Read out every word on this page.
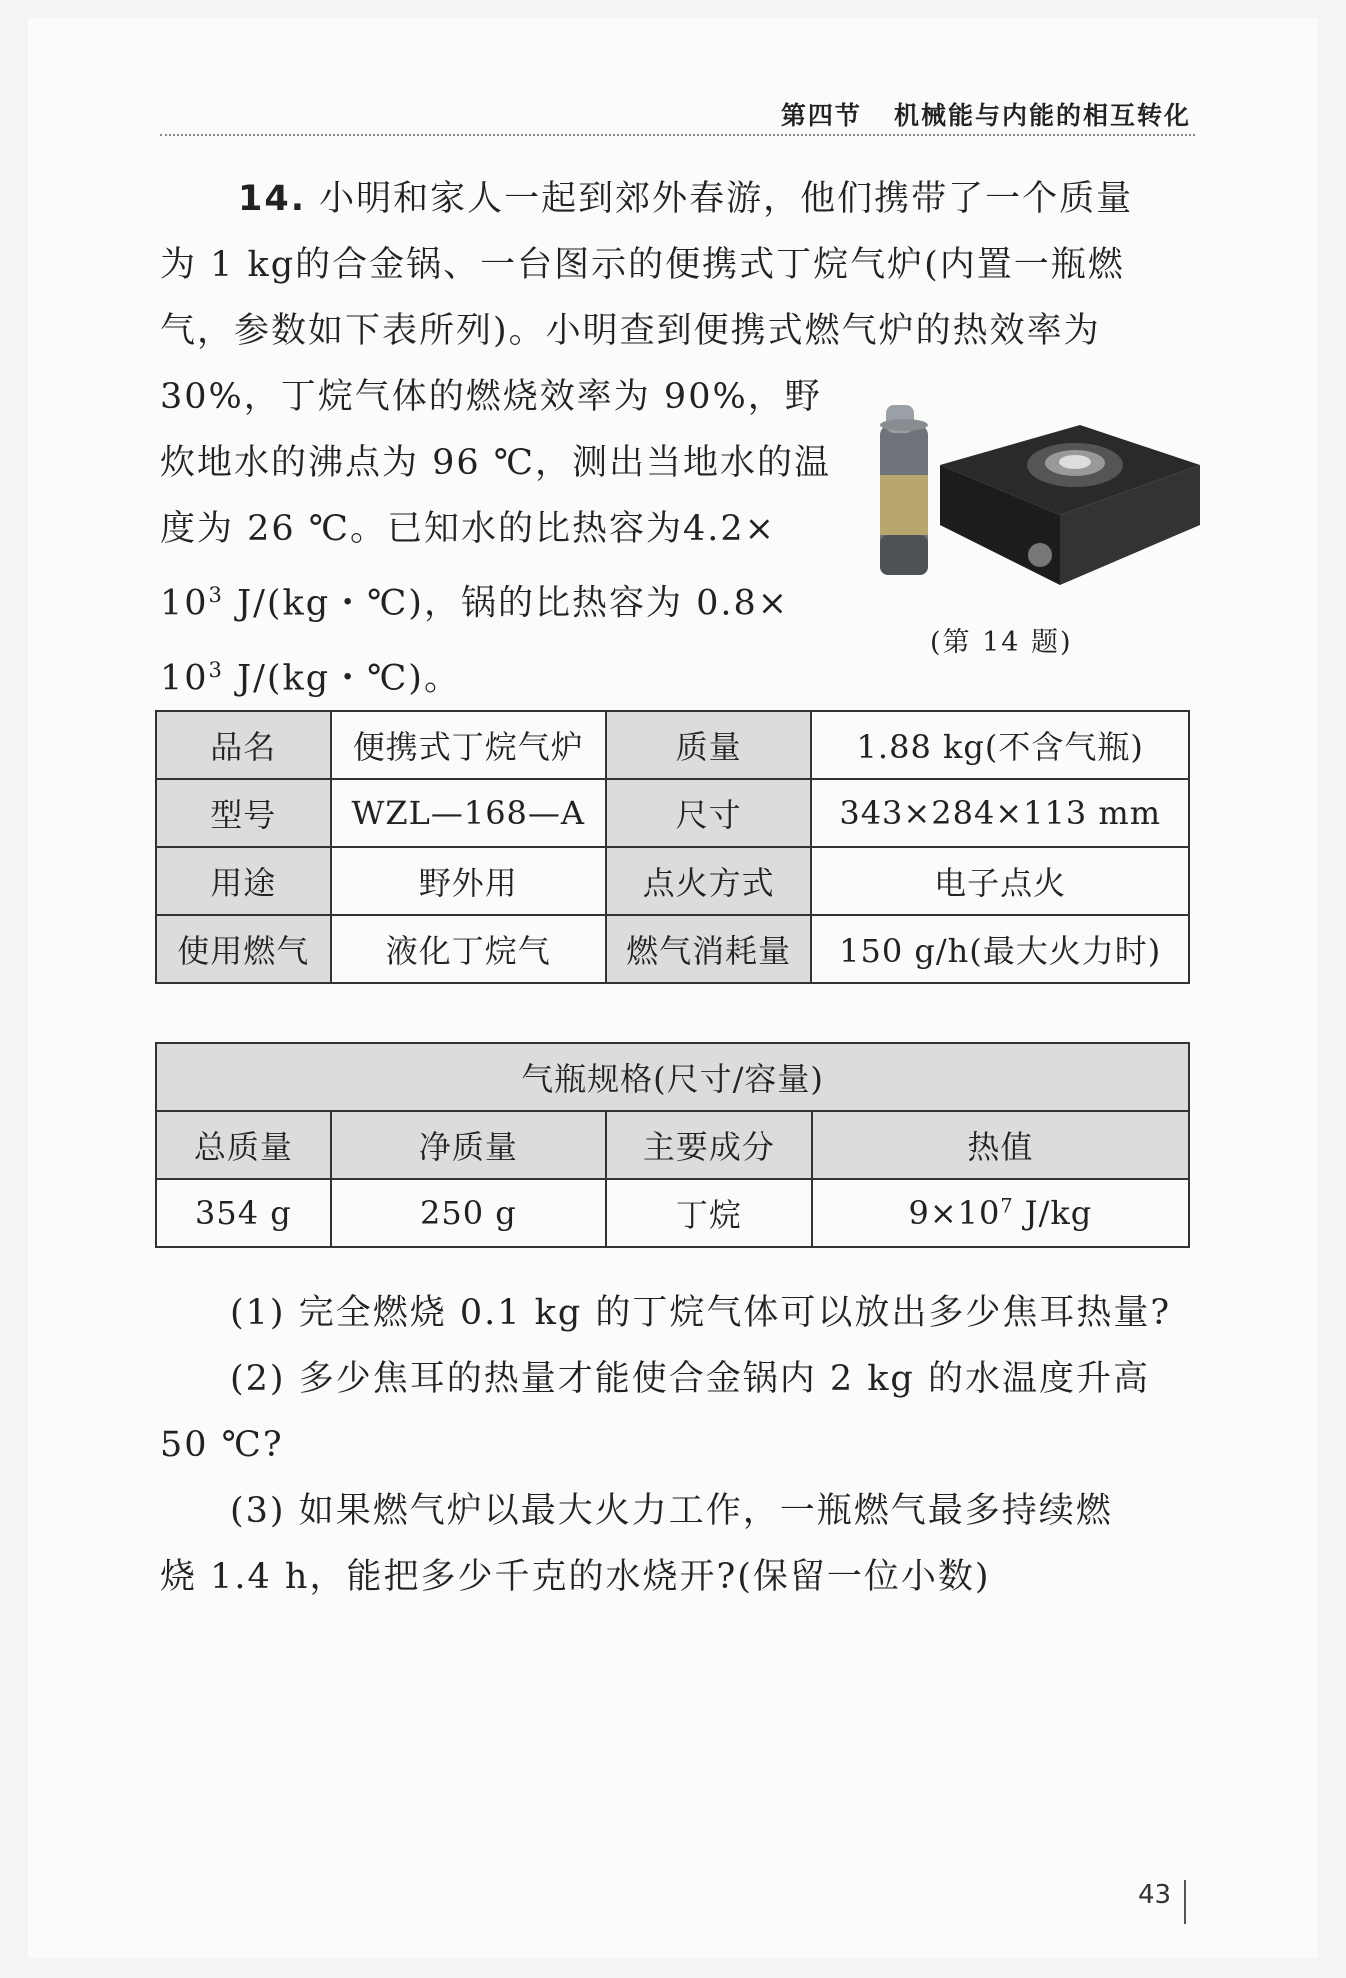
第四节 机械能与内能的相互转化
14. 小明和家人一起到郊外春游，他们携带了一个质量
为 1 kg的合金锅、一台图示的便携式丁烷气炉(内置一瓶燃
气，参数如下表所列)。小明查到便携式燃气炉的热效率为
30%，丁烷气体的燃烧效率为 90%，野
炊地水的沸点为 96 ℃，测出当地水的温
度为 26 ℃。已知水的比热容为4.2×
$10^3$ J/(kg・℃)，锅的比热容为 0.8×
$10^3$ J/(kg・℃)。
(第 14 题)
品名	便携式丁烷气炉	质量	1.88 kg(不含气瓶)
型号	WZL—168—A	尺寸	343×284×113 mm
用途	野外用	点火方式	电子点火
使用燃气	液化丁烷气	燃气消耗量	150 g/h(最大火力时)
气瓶规格(尺寸/容量)			
总质量	净质量	主要成分	热值
354 g	250 g	丁烷	$9\times 10^7$ J/kg
(1) 完全燃烧 0.1 kg 的丁烷气体可以放出多少焦耳热量?
(2) 多少焦耳的热量才能使合金锅内 2 kg 的水温度升高
50 ℃?
(3) 如果燃气炉以最大火力工作，一瓶燃气最多持续燃
烧 1.4 h，能把多少千克的水烧开?(保留一位小数)
43
